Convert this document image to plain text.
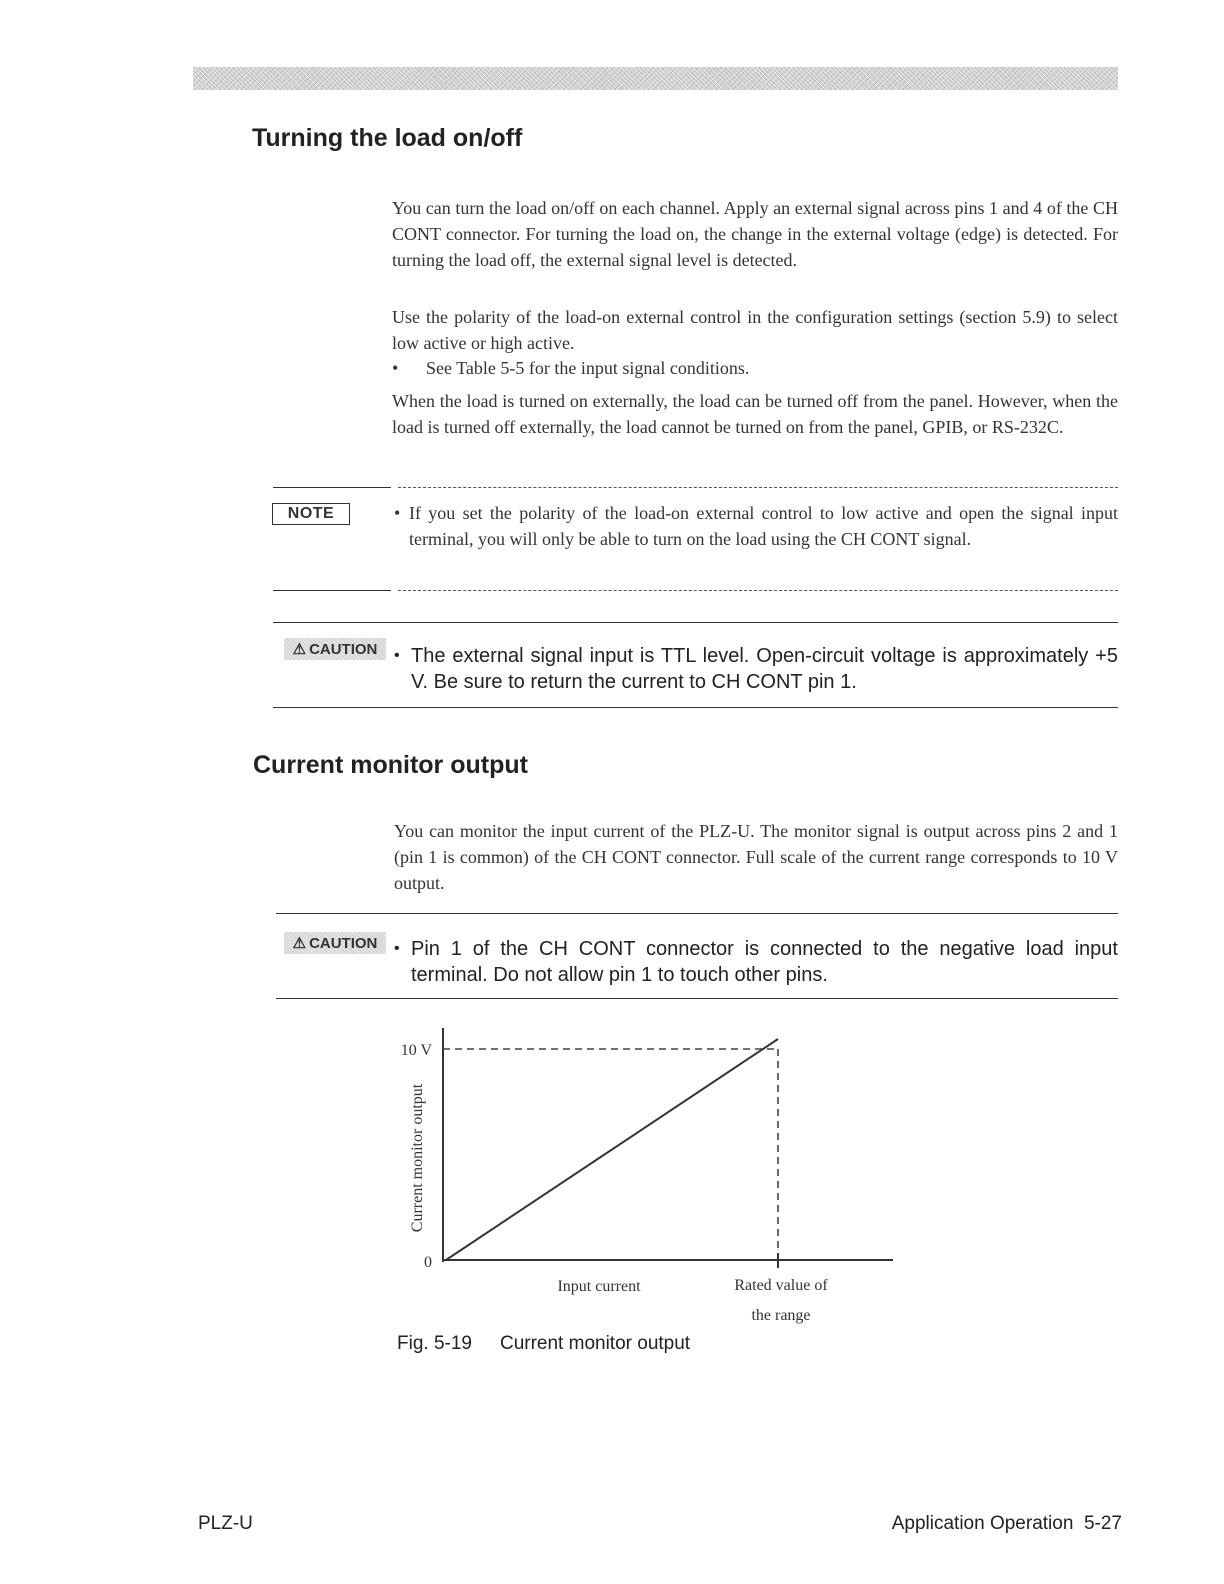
Turning the load on/off

You can turn the load on/off on each channel. Apply an external signal across pins 1 and 4 of the CH CONT connector. For turning the load on, the change in the external voltage (edge) is detected. For turning the load off, the external signal level is detected.

Use the polarity of the load-on external control in the configuration settings (section 5.9) to select low active or high active.

• See Table 5-5 for the input signal conditions.

When the load is turned on externally, the load can be turned off from the panel. However, when the load is turned off externally, the load cannot be turned on from the panel, GPIB, or RS-232C.

NOTE	• If you set the polarity of the load-on external control to low active and open the signal input terminal, you will only be able to turn on the load using the CH CONT signal.

⚠ CAUTION • The external signal input is TTL level. Open-circuit voltage is approximately +5 V. Be sure to return the current to CH CONT pin 1.

Current monitor output

You can monitor the input current of the PLZ-U. The monitor signal is output across pins 2 and 1 (pin 1 is common) of the CH CONT connector. Full scale of the current range corresponds to 10 V output.

⚠ CAUTION • Pin 1 of the CH CONT connector is connected to the negative load input terminal. Do not allow pin 1 to touch other pins.

10 V
0
Current monitor output
Input current	Rated value of
the range
Fig. 5-19 Current monitor output
PLZ-U	Application Operation  5-27
